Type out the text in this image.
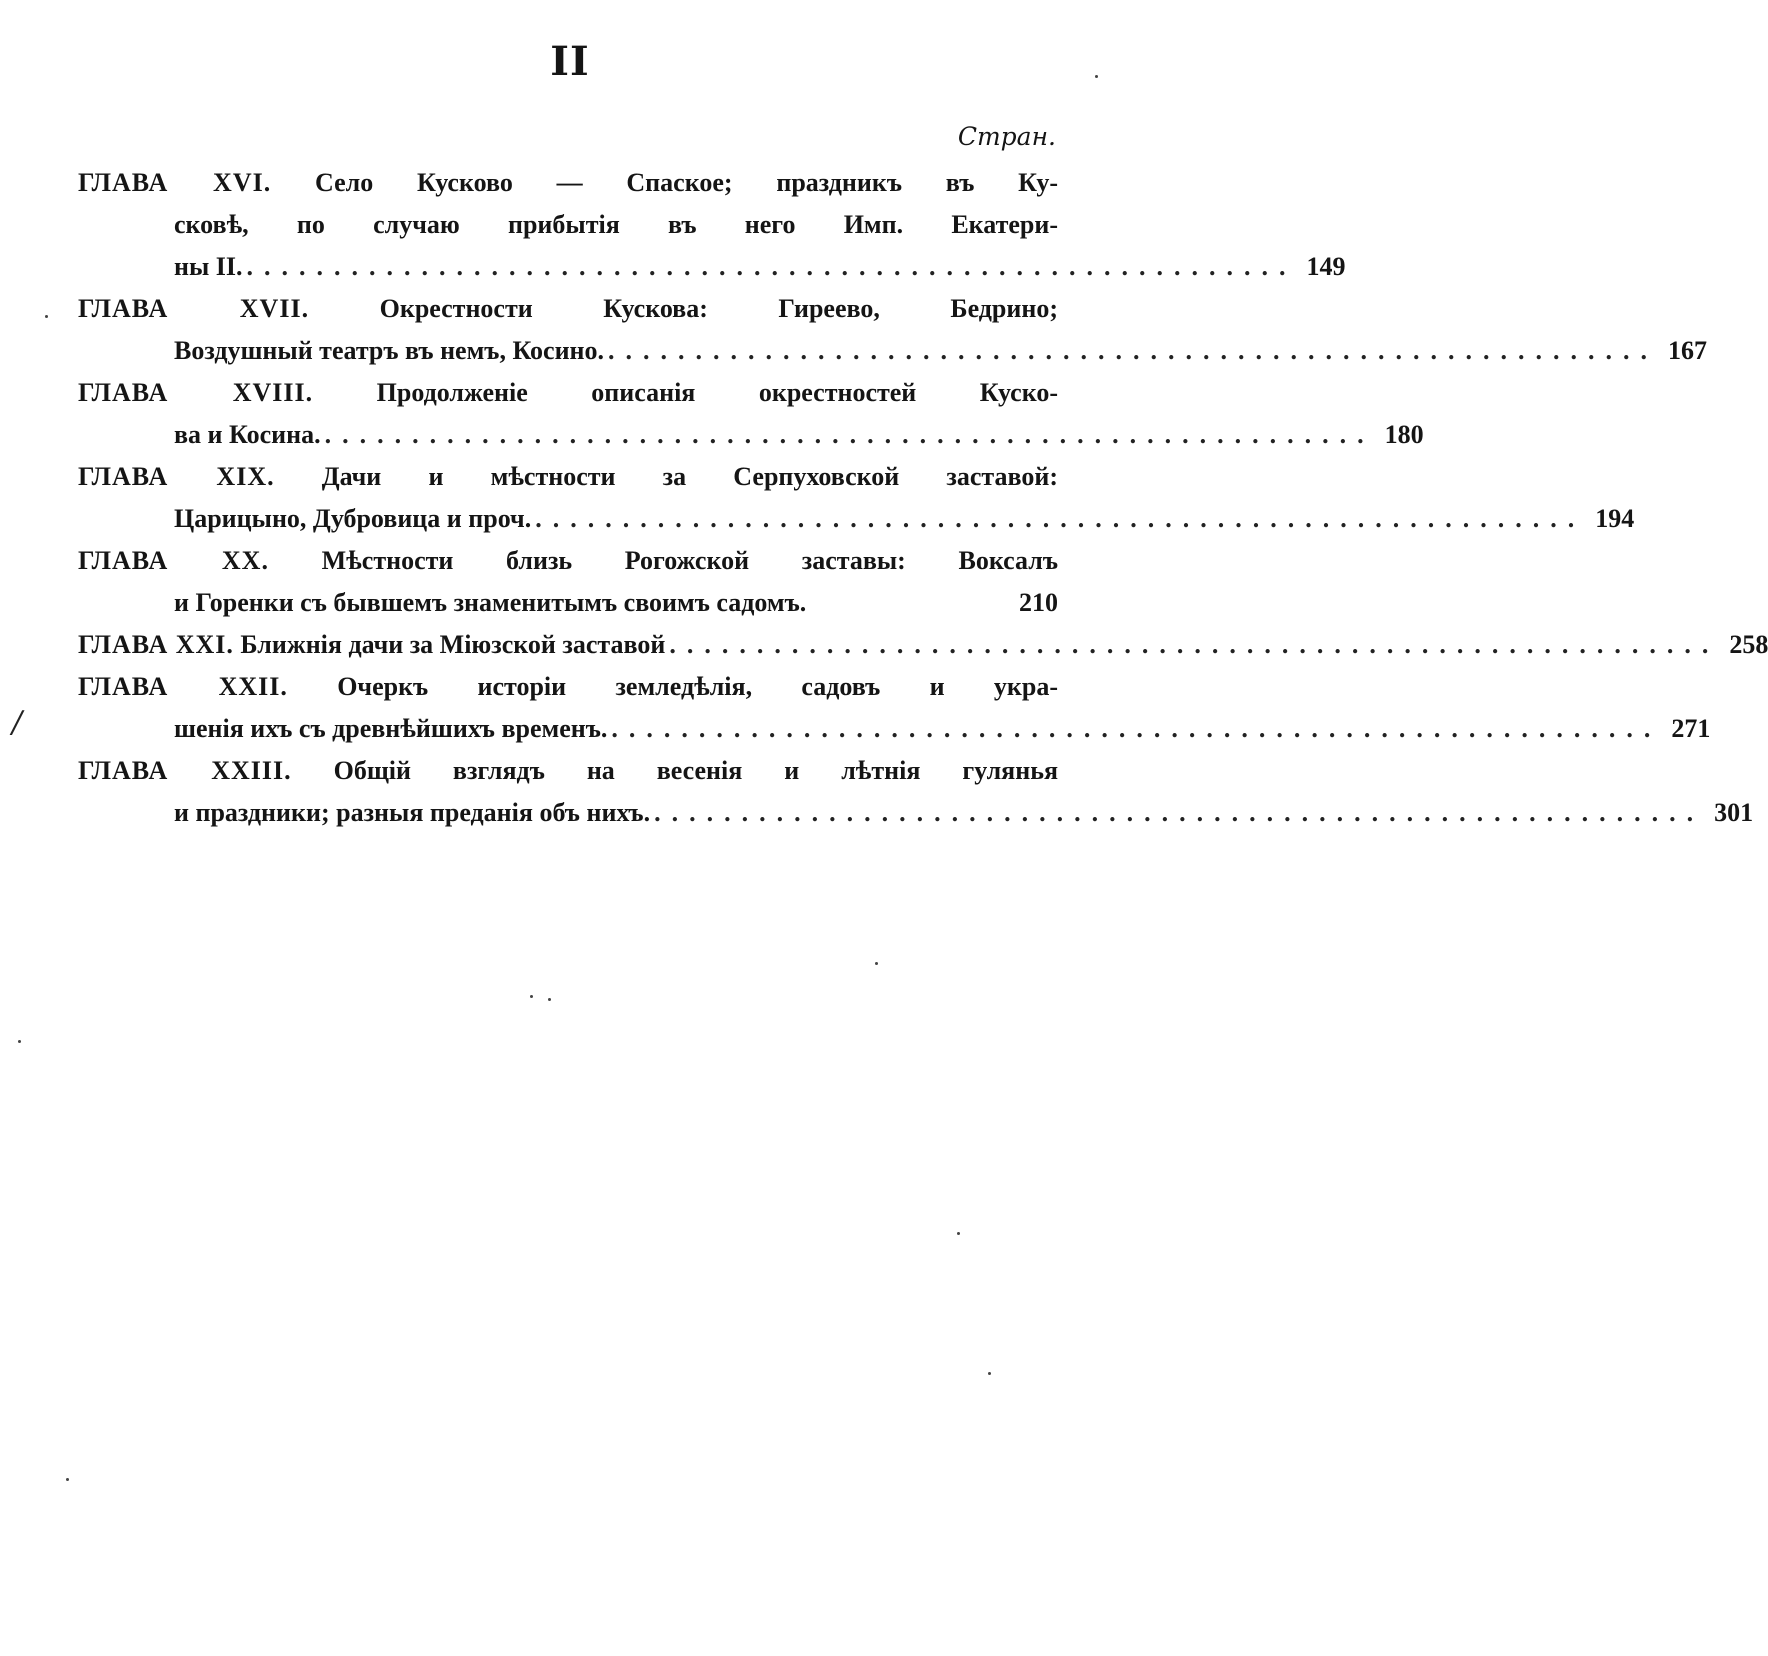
II
Стран.
ГЛАВА XVI. Село Кусково — Спаское; праздникъ въ Ку-
сковѣ, по случаю прибытія въ него Имп. Екатери-
ны II. ............................................................ 149
ГЛАВА XVII.	Окрестности Кускова: Гиреево, Бедрино;
Воздушный театръ въ немъ, Косино. ............................................................ 167
ГЛАВА XVIII. Продолженіе описанія окрестностей Куско-
ва и Косина. ............................................................ 180
ГЛАВА XIX. Дачи и мѣстности за Серпуховской заставой:
Царицыно, Дубровица и проч. ............................................................ 194
ГЛАВА XX. Мѣстности близь Рогожской заставы: Воксалъ
и Горенки съ бывшемъ знаменитымъ своимъ садомъ.	210
ГЛАВА XXI. Ближнія дачи за Міюзской заставой ............................................................ 258
ГЛАВА XXII. Очеркъ исторіи земледѣлія, садовъ и укра-
шенія ихъ съ древнѣйшихъ временъ. ............................................................ 271
ГЛАВА XXIII. Общій взглядъ на весенія и лѣтнія гулянья
и праздники; разныя преданія объ нихъ. ............................................................ 301
/
